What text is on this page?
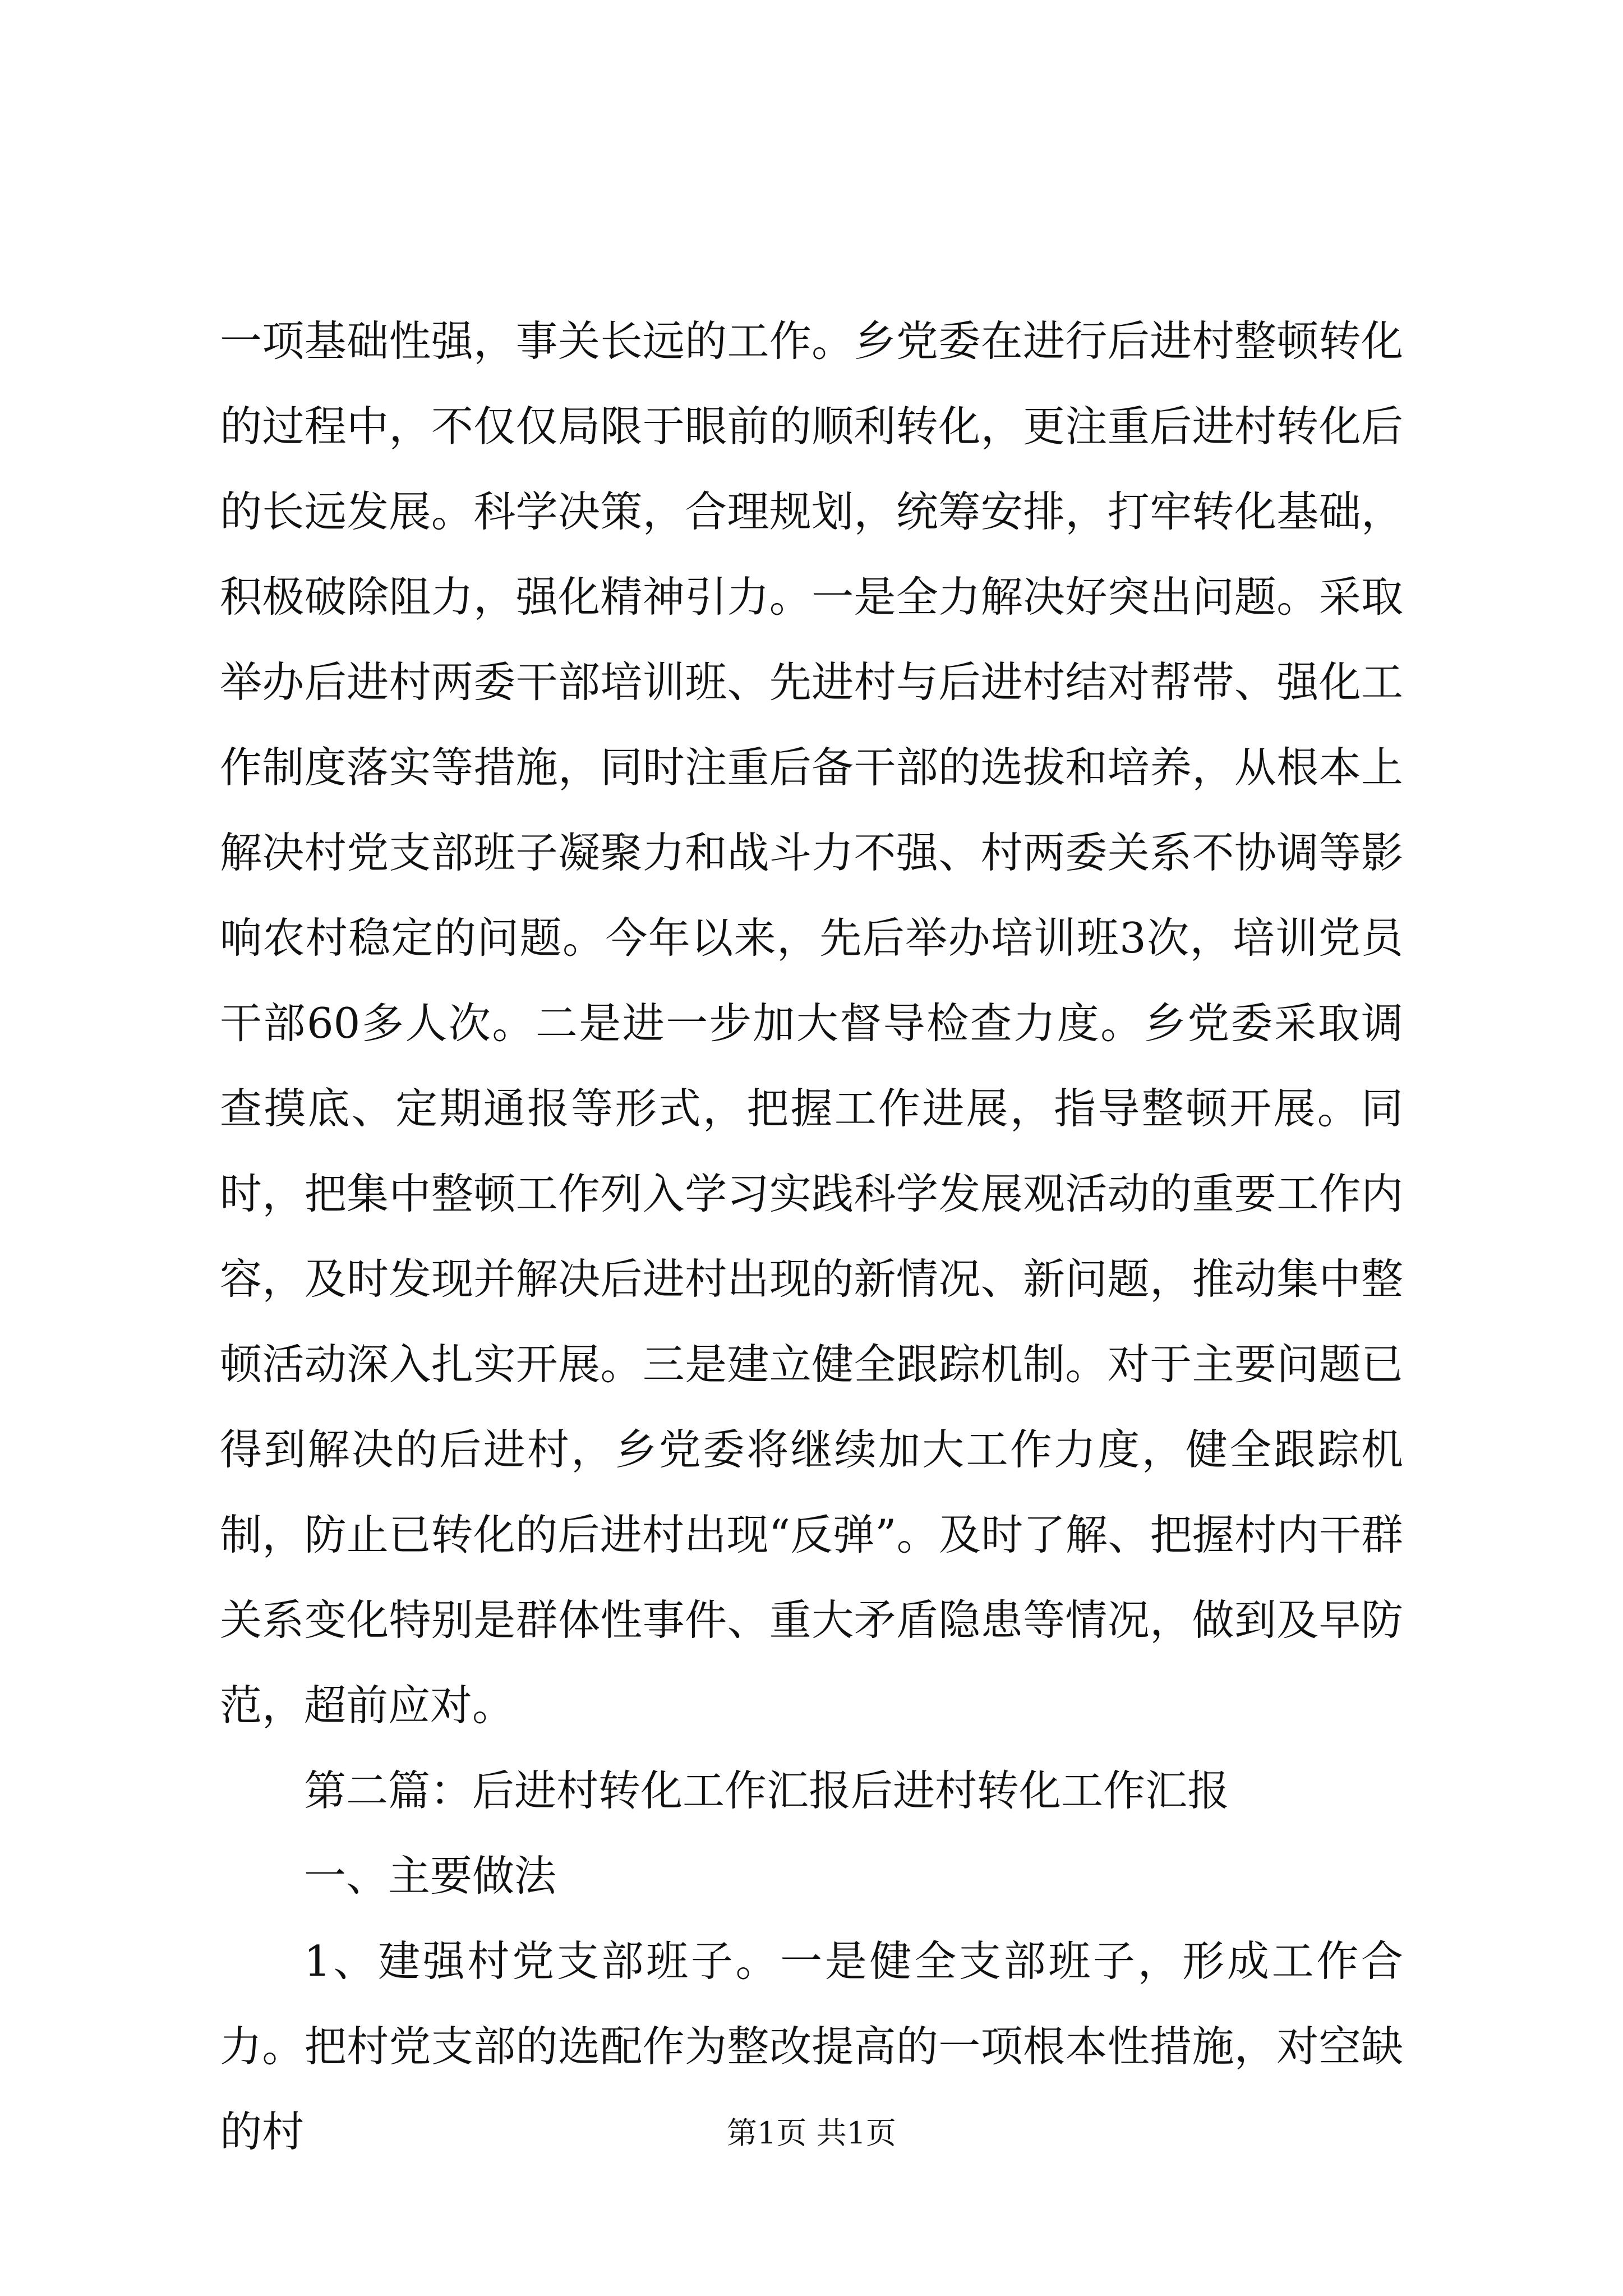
一项基础性强，事关长远的工作。乡党委在进行后进村整顿转化的过程中，不仅仅局限于眼前的顺利转化，更注重后进村转化后的长远发展。科学决策，合理规划，统筹安排，打牢转化基础，积极破除阻力，强化精神引力。一是全力解决好突出问题。采取举办后进村两委干部培训班、先进村与后进村结对帮带、强化工作制度落实等措施，同时注重后备干部的选拔和培养，从根本上解决村党支部班子凝聚力和战斗力不强、村两委关系不协调等影响农村稳定的问题。今年以来，先后举办培训班3次，培训党员干部60多人次。二是进一步加大督导检查力度。乡党委采取调查摸底、定期通报等形式，把握工作进展，指导整顿开展。同时，把集中整顿工作列入学习实践科学发展观活动的重要工作内容，及时发现并解决后进村出现的新情况、新问题，推动集中整顿活动深入扎实开展。三是建立健全跟踪机制。对于主要问题已得到解决的后进村，乡党委将继续加大工作力度，健全跟踪机制，防止已转化的后进村出现“反弹”。及时了解、把握村内干群关系变化特别是群体性事件、重大矛盾隐患等情况，做到及早防范，超前应对。

第二篇：后进村转化工作汇报后进村转化工作汇报

一、主要做法

1、建强村党支部班子。一是健全支部班子，形成工作合力。把村党支部的选配作为整改提高的一项根本性措施，对空缺的村	第1页 共1页
